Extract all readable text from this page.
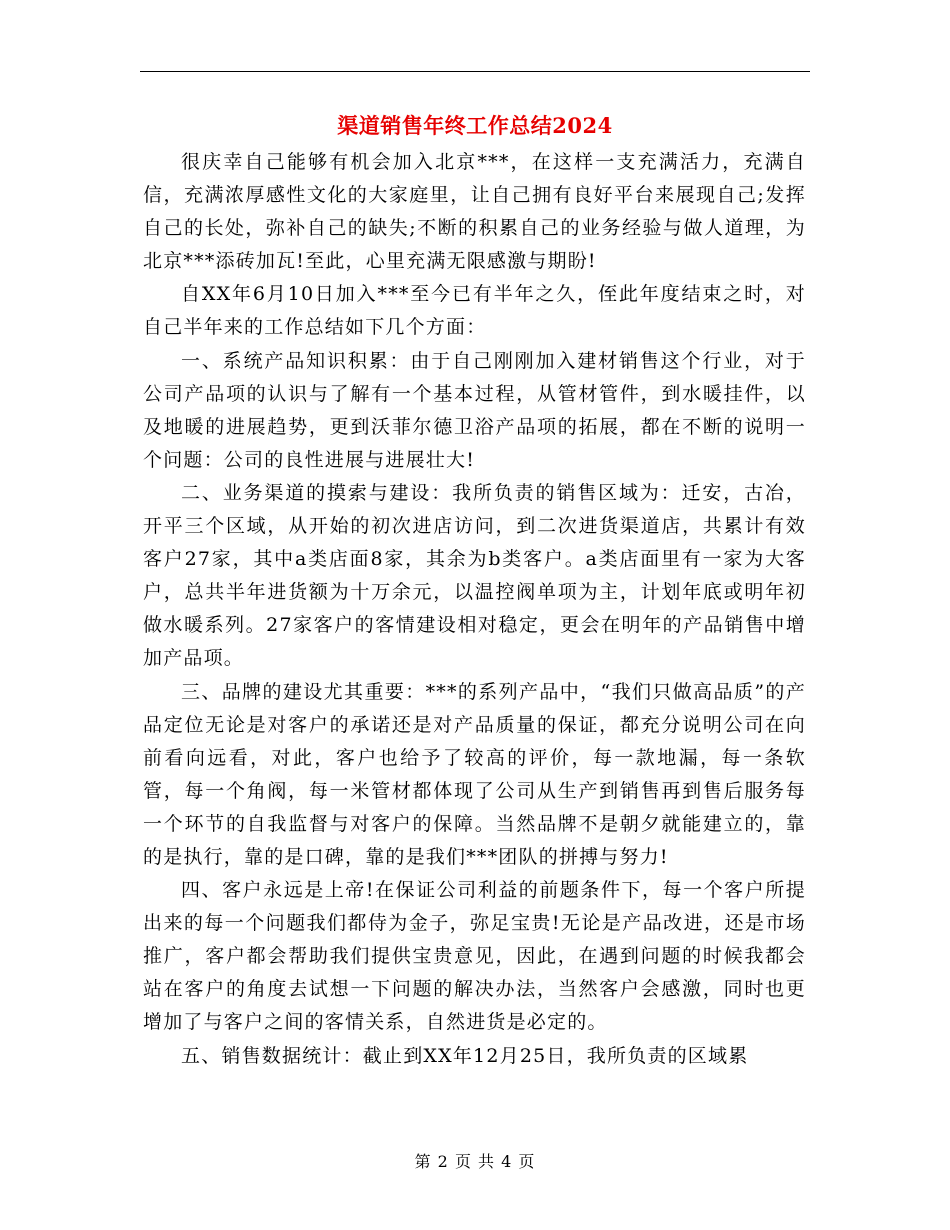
渠道销售年终工作总结2024

很庆幸自己能够有机会加入北京***，在这样一支充满活力，充满自信，充满浓厚感性文化的大家庭里，让自己拥有良好平台来展现自己;发挥自己的长处，弥补自己的缺失;不断的积累自己的业务经验与做人道理，为北京***添砖加瓦!至此，心里充满无限感激与期盼!

自XX年6月10日加入***至今已有半年之久，侄此年度结束之时，对自己半年来的工作总结如下几个方面：

一、系统产品知识积累：由于自己刚刚加入建材销售这个行业，对于公司产品项的认识与了解有一个基本过程，从管材管件，到水暖挂件，以及地暖的进展趋势，更到沃菲尔德卫浴产品项的拓展，都在不断的说明一个问题：公司的良性进展与进展壮大!

二、业务渠道的摸索与建设：我所负责的销售区域为：迁安，古冶，开平三个区域，从开始的初次进店访问，到二次进货渠道店，共累计有效客户27家，其中a类店面8家，其余为b类客户。a类店面里有一家为大客户，总共半年进货额为十万余元，以温控阀单项为主，计划年底或明年初做水暖系列。27家客户的客情建设相对稳定，更会在明年的产品销售中增加产品项。

三、品牌的建设尤其重要：***的系列产品中，“我们只做高品质”的产品定位无论是对客户的承诺还是对产品质量的保证，都充分说明公司在向前看向远看，对此，客户也给予了较高的评价，每一款地漏，每一条软管，每一个角阀，每一米管材都体现了公司从生产到销售再到售后服务每一个环节的自我监督与对客户的保障。当然品牌不是朝夕就能建立的，靠的是执行，靠的是口碑，靠的是我们***团队的拼搏与努力!

四、客户永远是上帝!在保证公司利益的前题条件下，每一个客户所提出来的每一个问题我们都侍为金子，弥足宝贵!无论是产品改进，还是市场推广，客户都会帮助我们提供宝贵意见，因此，在遇到问题的时候我都会站在客户的角度去试想一下问题的解决办法，当然客户会感激，同时也更增加了与客户之间的客情关系，自然进货是必定的。

五、销售数据统计：截止到XX年12月25日，我所负责的区域累

第 2 页 共 4 页
